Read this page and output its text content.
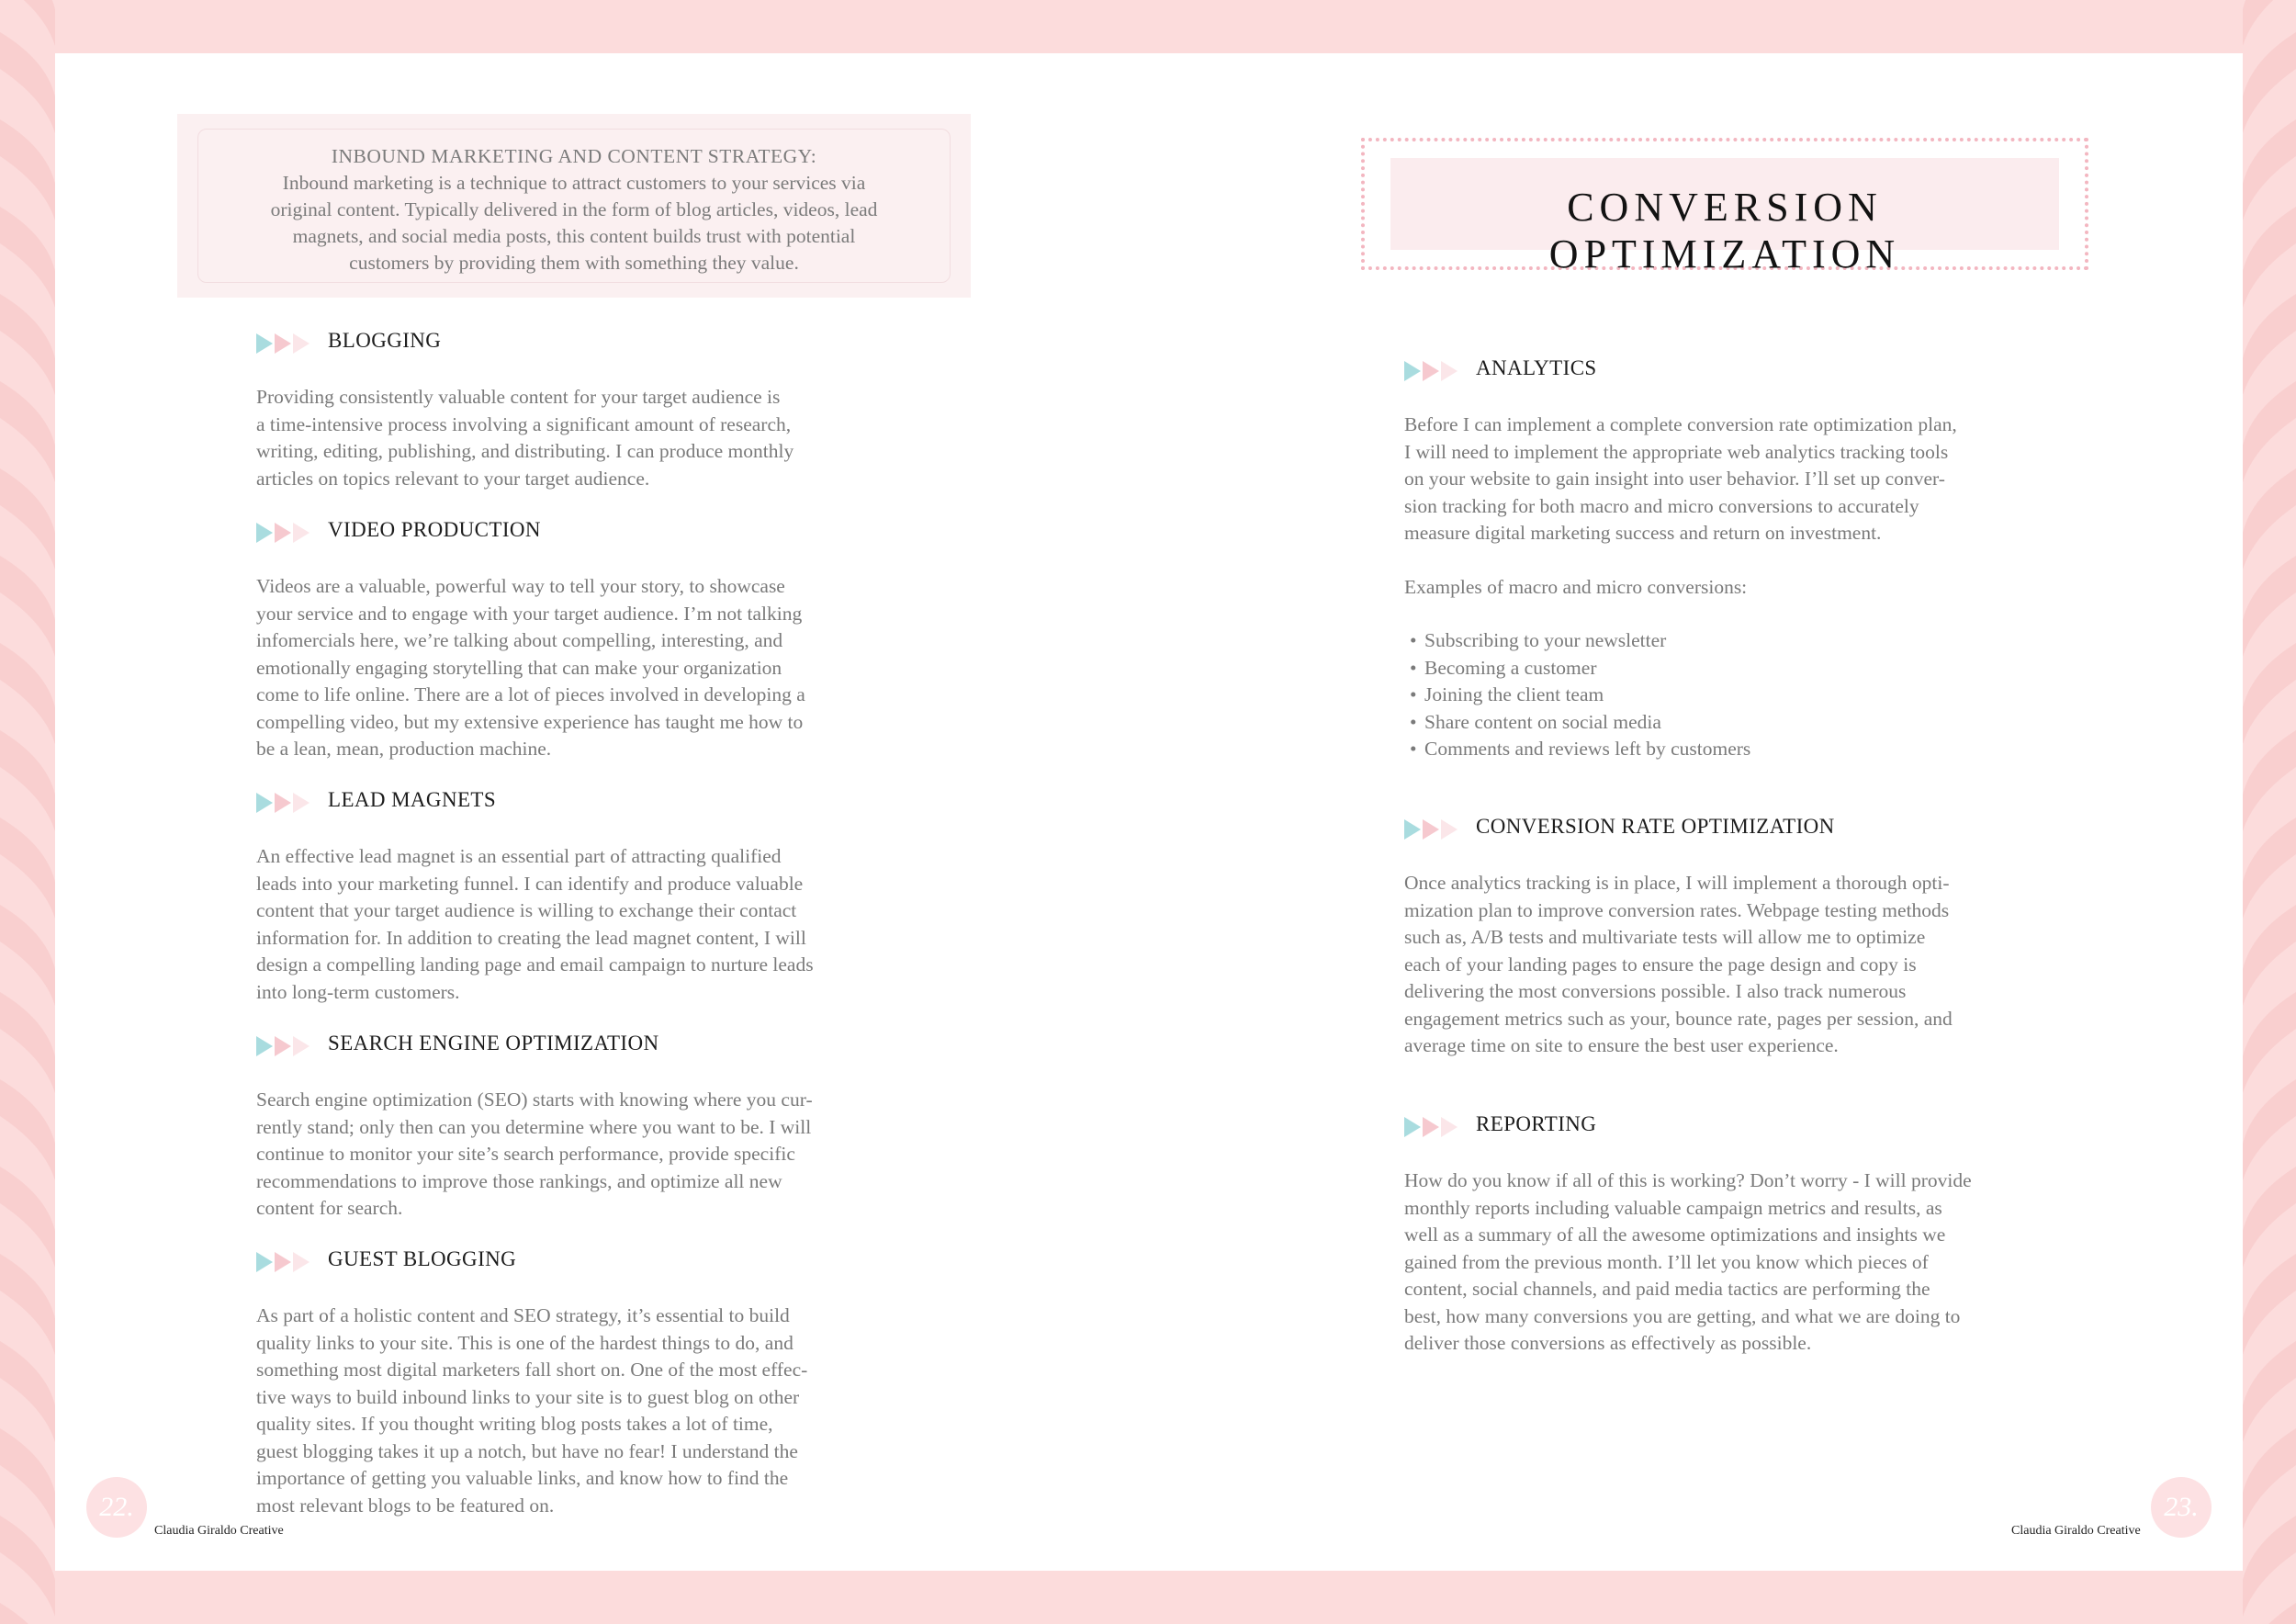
INBOUND MARKETING AND CONTENT STRATEGY:
Inbound marketing is a technique to attract customers to your services via
original content. Typically delivered in the form of blog articles, videos, lead
magnets, and social media posts, this content builds trust with potential
customers by providing them with something they value.
BLOGGING
Providing consistently valuable content for your target audience is
a time-intensive process involving a significant amount of research,
writing, editing, publishing, and distributing. I can produce monthly
articles on topics relevant to your target audience.
VIDEO PRODUCTION
Videos are a valuable, powerful way to tell your story, to showcase
your service and to engage with your target audience. I’m not talking
infomercials here, we’re talking about compelling, interesting, and
emotionally engaging storytelling that can make your organization
come to life online. There are a lot of pieces involved in developing a
compelling video, but my extensive experience has taught me how to
be a lean, mean, production machine.
LEAD MAGNETS
An effective lead magnet is an essential part of attracting qualified
leads into your marketing funnel. I can identify and produce valuable
content that your target audience is willing to exchange their contact
information for. In addition to creating the lead magnet content, I will
design a compelling landing page and email campaign to nurture leads
into long-term customers.
SEARCH ENGINE OPTIMIZATION
Search engine optimization (SEO) starts with knowing where you cur-
rently stand; only then can you determine where you want to be. I will
continue to monitor your site’s search performance, provide specific
recommendations to improve those rankings, and optimize all new
content for search.
GUEST BLOGGING
As part of a holistic content and SEO strategy, it’s essential to build
quality links to your site. This is one of the hardest things to do, and
something most digital marketers fall short on. One of the most effec-
tive ways to build inbound links to your site is to guest blog on other
quality sites. If you thought writing blog posts takes a lot of time,
guest blogging takes it up a notch, but have no fear! I understand the
importance of getting you valuable links, and know how to find the
most relevant blogs to be featured on.
22.
Claudia Giraldo Creative
CONVERSION OPTIMIZATION
ANALYTICS
Before I can implement a complete conversion rate optimization plan,
I will need to implement the appropriate web analytics tracking tools
on your website to gain insight into user behavior. I’ll set up conver-
sion tracking for both macro and micro conversions to accurately
measure digital marketing success and return on investment.
Examples of macro and micro conversions:
• Subscribing to your newsletter
• Becoming a customer
• Joining the client team
• Share content on social media
• Comments and reviews left by customers
CONVERSION RATE OPTIMIZATION
Once analytics tracking is in place, I will implement a thorough opti-
mization plan to improve conversion rates. Webpage testing methods
such as, A/B tests and multivariate tests will allow me to optimize
each of your landing pages to ensure the page design and copy is
delivering the most conversions possible. I also track numerous
engagement metrics such as your, bounce rate, pages per session, and
average time on site to ensure the best user experience.
REPORTING
How do you know if all of this is working? Don’t worry - I will provide
monthly reports including valuable campaign metrics and results, as
well as a summary of all the awesome optimizations and insights we
gained from the previous month. I’ll let you know which pieces of
content, social channels, and paid media tactics are performing the
best, how many conversions you are getting, and what we are doing to
deliver those conversions as effectively as possible.
23.
Claudia Giraldo Creative
